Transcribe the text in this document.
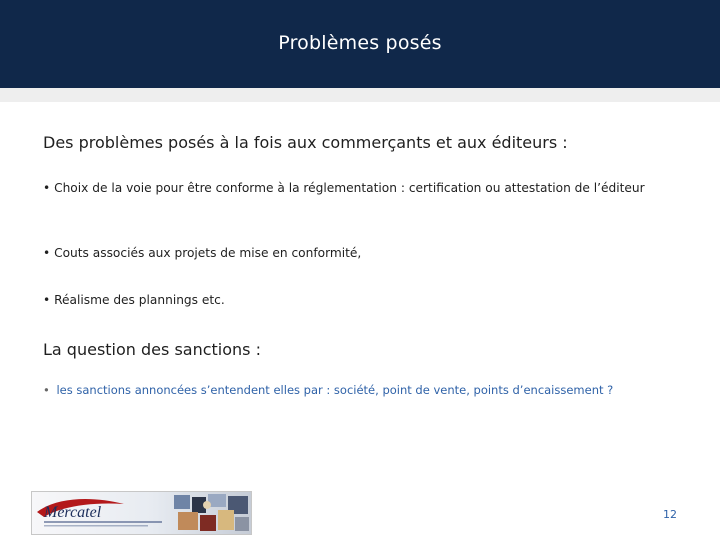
Problèmes posés
Des problèmes posés à la fois aux commerçants et aux éditeurs :
• Choix de la voie pour être conforme à la réglementation : certification ou attestation de l’éditeur
• Couts associés aux projets de mise en conformité,
• Réalisme des plannings etc.
La question des sanctions :
• les sanctions annoncées s’entendent elles par : société, point de vente, points d’encaissement ?
Mercatel	12
